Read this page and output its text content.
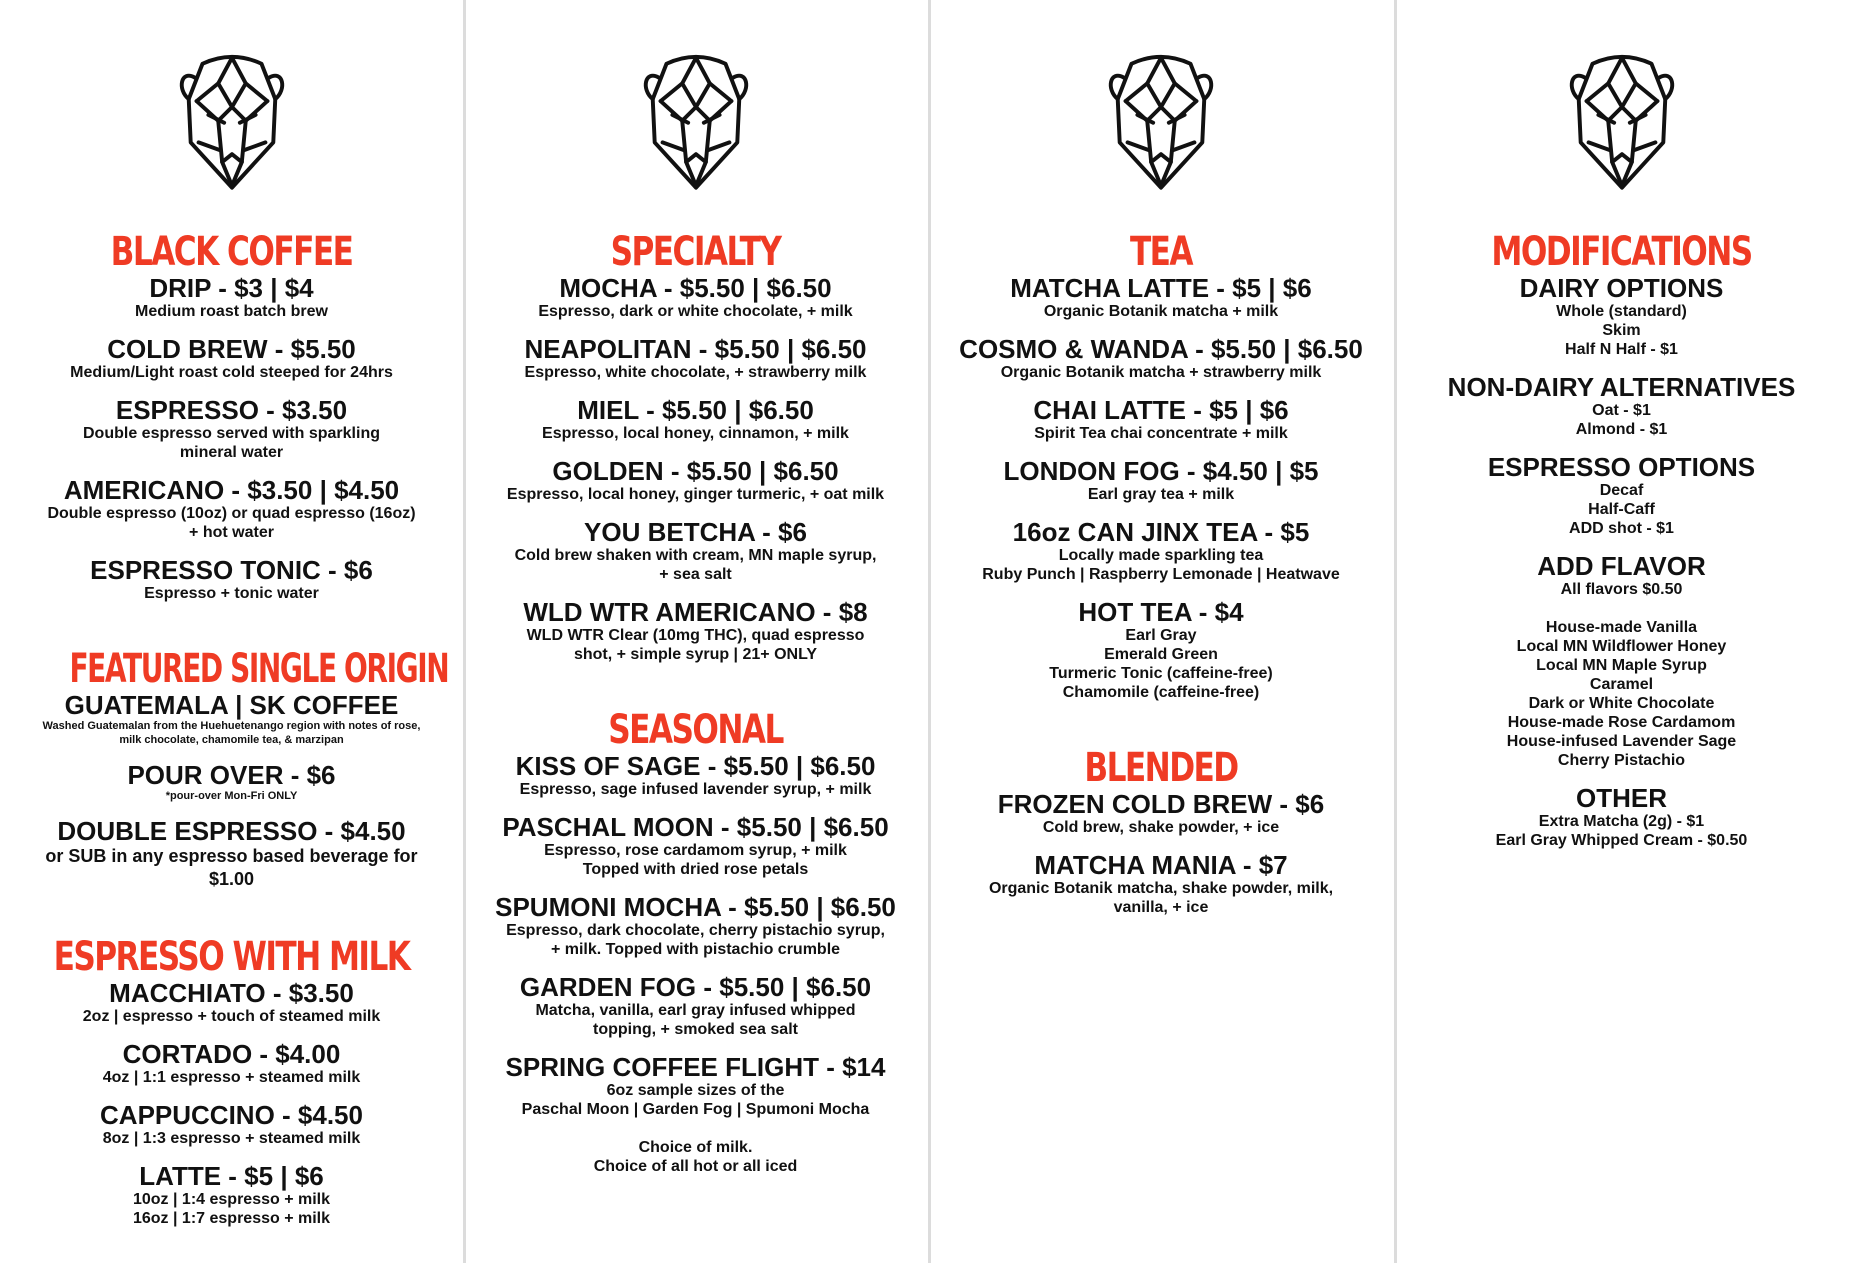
BLACK COFFEE
DRIP - $3 | $4
Medium roast batch brew
COLD BREW - $5.50
Medium/Light roast cold steeped for 24hrs
ESPRESSO - $3.50
Double espresso served with sparkling
mineral water
AMERICANO - $3.50 | $4.50
Double espresso (10oz) or quad espresso (16oz)
+ hot water
ESPRESSO TONIC - $6
Espresso + tonic water
FEATURED SINGLE ORIGIN
GUATEMALA | SK COFFEE
Washed Guatemalan from the Huehuetenango region with notes of rose,
milk chocolate, chamomile tea, & marzipan
POUR OVER - $6
*pour-over Mon-Fri ONLY
DOUBLE ESPRESSO - $4.50
or SUB in any espresso based beverage for
$1.00
ESPRESSO WITH MILK
MACCHIATO - $3.50
2oz | espresso + touch of steamed milk
CORTADO - $4.00
4oz | 1:1 espresso + steamed milk
CAPPUCCINO - $4.50
8oz | 1:3 espresso + steamed milk
LATTE - $5 | $6
10oz | 1:4 espresso + milk
16oz | 1:7 espresso + milk
SPECIALTY
MOCHA - $5.50 | $6.50
Espresso, dark or white chocolate, + milk
NEAPOLITAN - $5.50 | $6.50
Espresso, white chocolate, + strawberry milk
MIEL - $5.50 | $6.50
Espresso, local honey, cinnamon, + milk
GOLDEN - $5.50 | $6.50
Espresso, local honey, ginger turmeric, + oat milk
YOU BETCHA - $6
Cold brew shaken with cream, MN maple syrup,
+ sea salt
WLD WTR AMERICANO - $8
WLD WTR Clear (10mg THC), quad espresso
shot, + simple syrup | 21+ ONLY
SEASONAL
KISS OF SAGE - $5.50 | $6.50
Espresso, sage infused lavender syrup, + milk
PASCHAL MOON - $5.50 | $6.50
Espresso, rose cardamom syrup, + milk
Topped with dried rose petals
SPUMONI MOCHA - $5.50 | $6.50
Espresso, dark chocolate, cherry pistachio syrup,
+ milk. Topped with pistachio crumble
GARDEN FOG - $5.50 | $6.50
Matcha, vanilla, earl gray infused whipped
topping, + smoked sea salt
SPRING COFFEE FLIGHT - $14
6oz sample sizes of the
Paschal Moon | Garden Fog | Spumoni Mocha

Choice of milk.
Choice of all hot or all iced
TEA
MATCHA LATTE - $5 | $6
Organic Botanik matcha + milk
COSMO & WANDA - $5.50 | $6.50
Organic Botanik matcha + strawberry milk
CHAI LATTE - $5 | $6
Spirit Tea chai concentrate + milk
LONDON FOG - $4.50 | $5
Earl gray tea + milk
16oz CAN JINX TEA - $5
Locally made sparkling tea
Ruby Punch | Raspberry Lemonade | Heatwave
HOT TEA - $4
Earl Gray
Emerald Green
Turmeric Tonic (caffeine-free)
Chamomile (caffeine-free)
BLENDED
FROZEN COLD BREW - $6
Cold brew, shake powder, + ice
MATCHA MANIA - $7
Organic Botanik matcha, shake powder, milk,
vanilla, + ice
MODIFICATIONS
DAIRY OPTIONS
Whole (standard)
Skim
Half N Half - $1
NON-DAIRY ALTERNATIVES
Oat - $1
Almond - $1
ESPRESSO OPTIONS
Decaf
Half-Caff
ADD shot - $1
ADD FLAVOR
All flavors $0.50

House-made Vanilla
Local MN Wildflower Honey
Local MN Maple Syrup
Caramel
Dark or White Chocolate
House-made Rose Cardamom
House-infused Lavender Sage
Cherry Pistachio
OTHER
Extra Matcha (2g) - $1
Earl Gray Whipped Cream - $0.50
